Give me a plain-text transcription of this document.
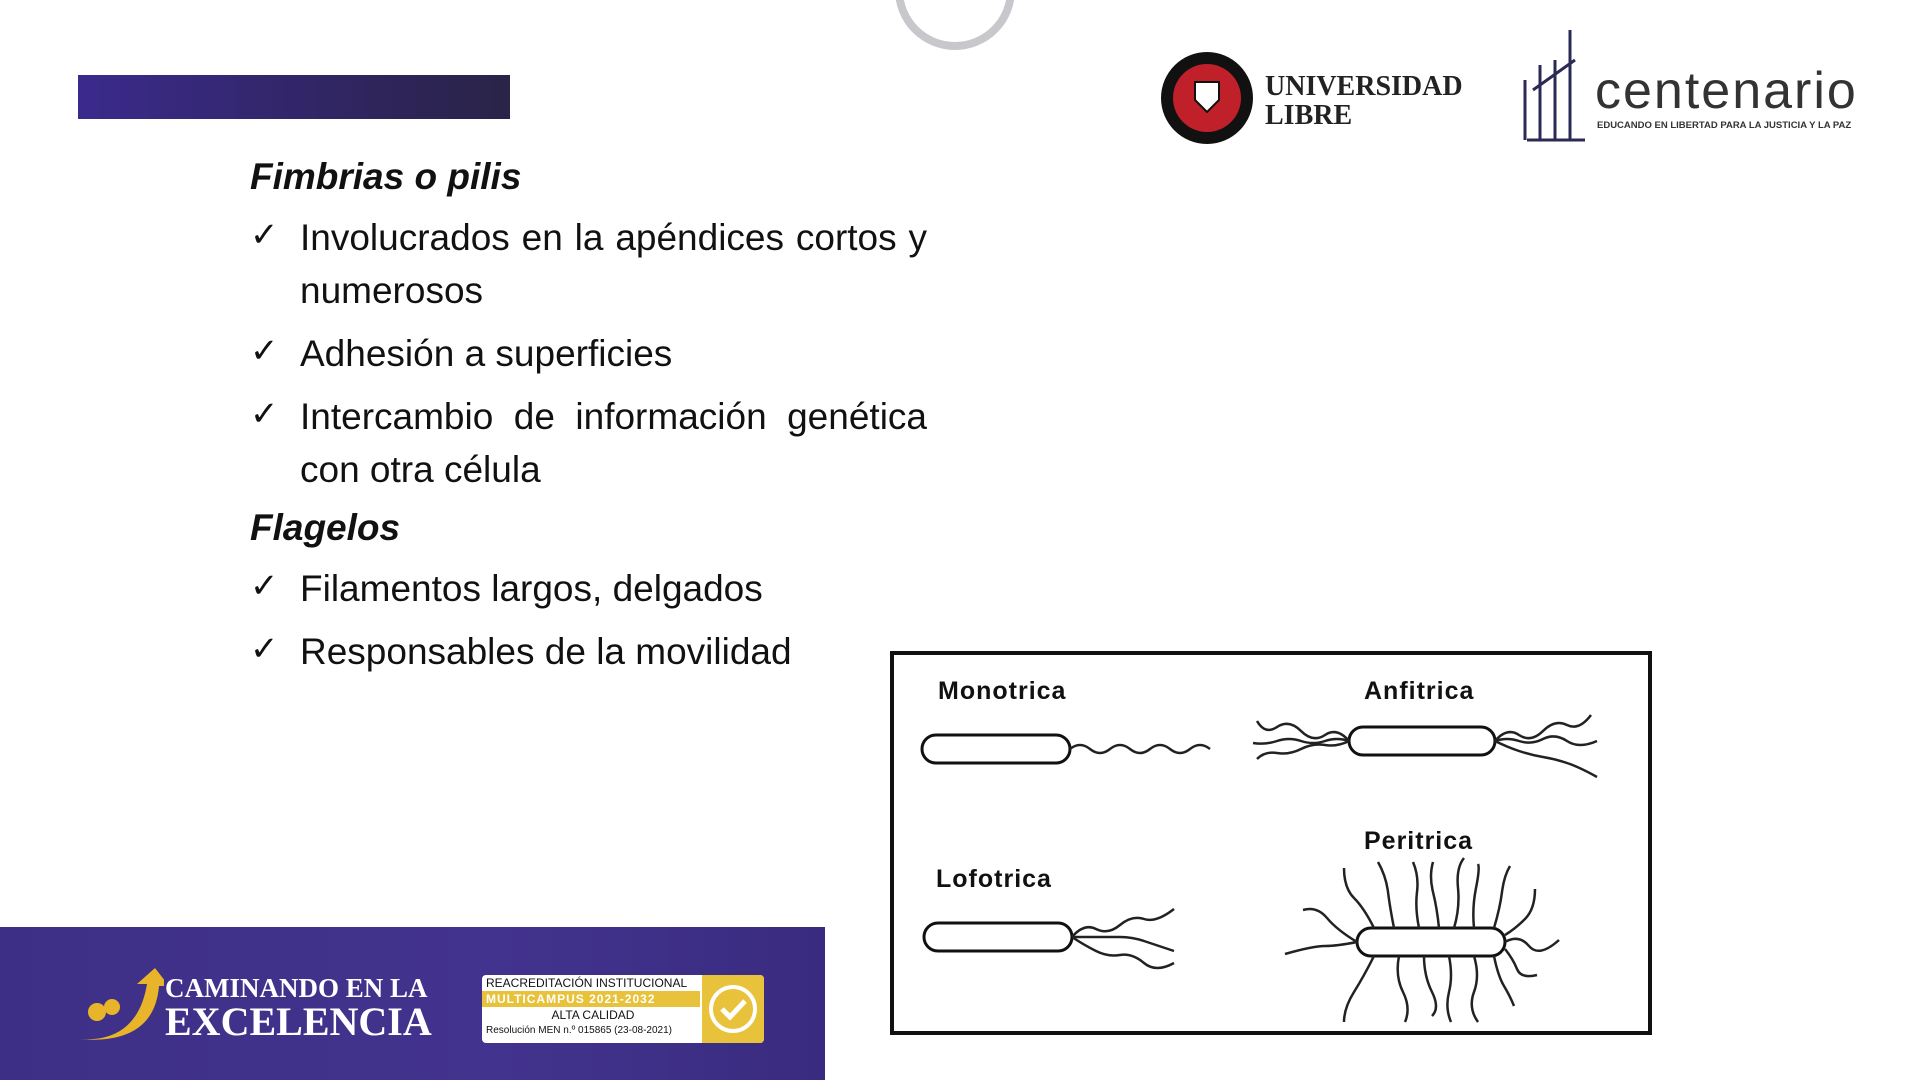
UNIVERSIDAD
LIBRE	centenario
EDUCANDO EN LIBERTAD PARA LA JUSTICIA Y LA PAZ
Fimbrias o pilis
✓ Involucrados en la apéndices cortos y numerosos
✓ Adhesión a superficies
✓ Intercambio de información genética con otra célula
Flagelos
✓ Filamentos largos, delgados
✓ Responsables de la movilidad
Monotrica	Anfitrica
Lofotrica
Peritrica
CAMINANDO EN LA
EXCELENCIA
REACREDITACIÓN INSTITUCIONAL
MULTICAMPUS 2021-2032
ALTA CALIDAD
Resolución MEN n.º 015865 (23-08-2021)
